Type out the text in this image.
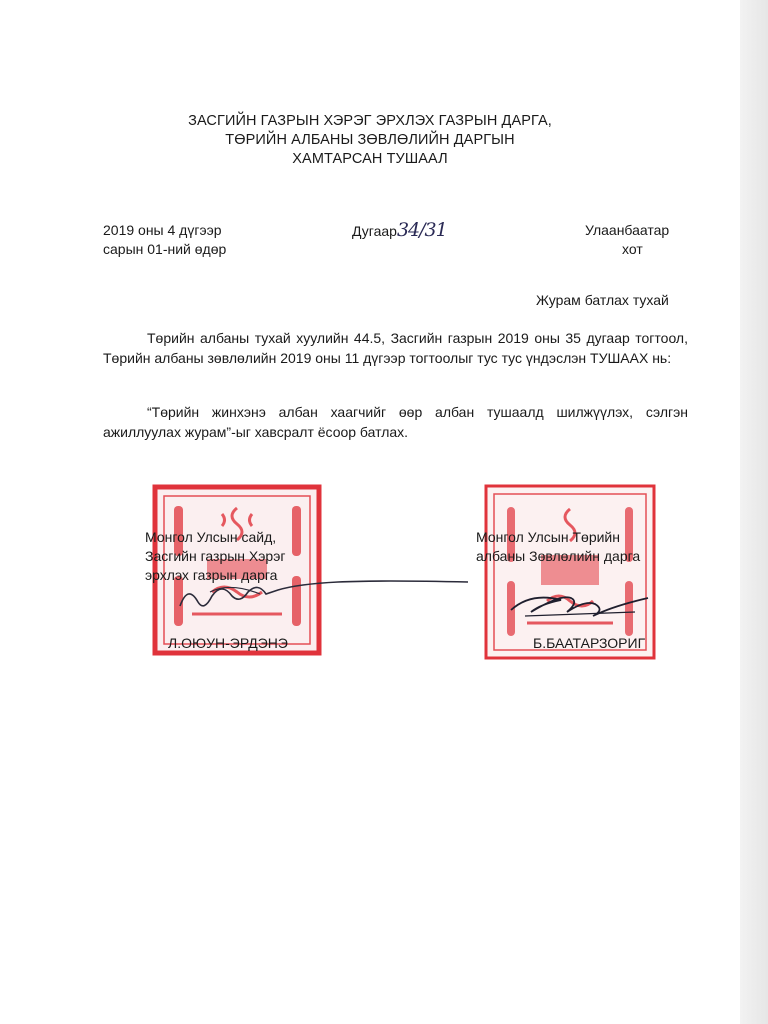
ЗАСГИЙН ГАЗРЫН ХЭРЭГ ЭРХЛЭХ ГАЗРЫН ДАРГА,
ТӨРИЙН АЛБАНЫ ЗӨВЛӨЛИЙН ДАРГЫН
ХАМТАРСАН ТУШААЛ
2019 оны 4 дүгээр
сарын 01-ний өдөр
Дугаар34/31	Улаанбаатар
хот
Журам батлах тухай
Төрийн албаны тухай хуулийн 44.5, Засгийн газрын 2019 оны 35 дугаар тогтоол, Төрийн албаны зөвлөлийн 2019 оны 11 дүгээр тогтоолыг тус тус үндэслэн ТУШААХ нь:
“Төрийн жинхэнэ албан хаагчийг өөр албан тушаалд шилжүүлэх, сэлгэн ажиллуулах журам”-ыг хавсралт ёсоор батлах.
Монгол Улсын сайд,
Засгийн газрын Хэрэг
эрхлэх газрын дарга
Л.ОЮУН-ЭРДЭНЭ
Монгол Улсын Төрийн
албаны Зөвлөлийн дарга
Б.БААТАРЗОРИГ
